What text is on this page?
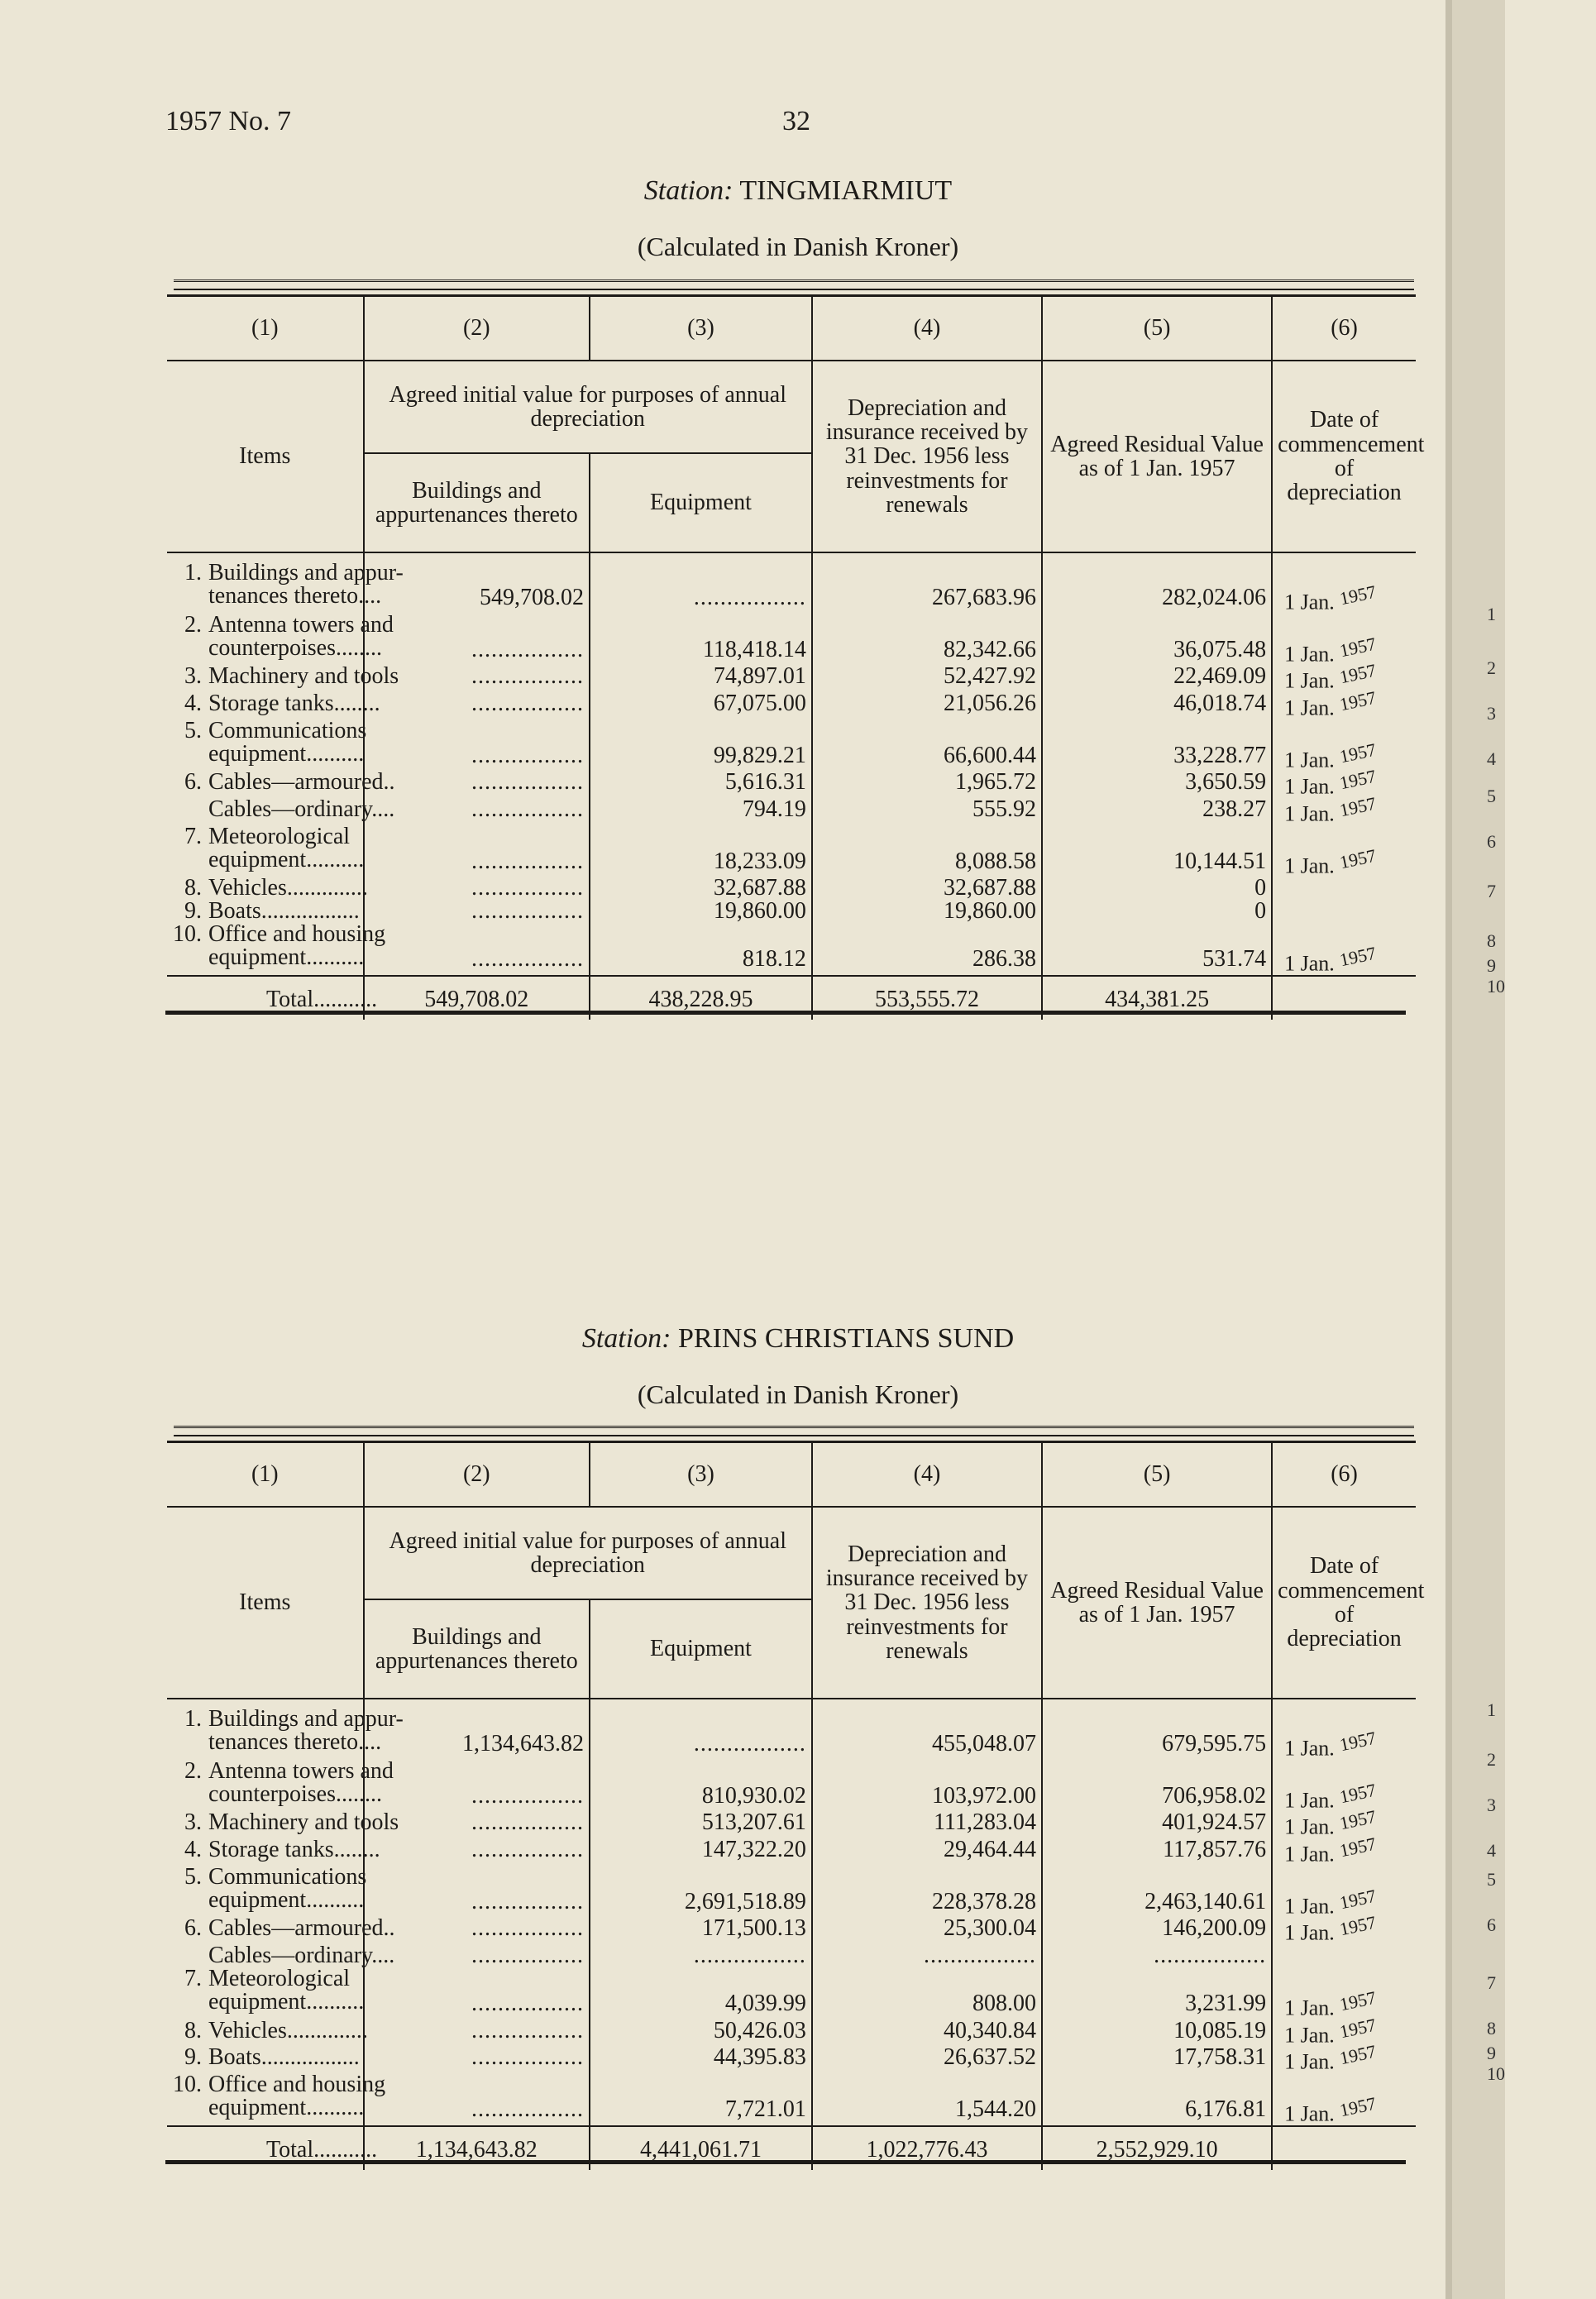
1957 No. 7	32
Station: TINGMIARMIUT
(Calculated in Danish Kroner)
(1)	(2)	(3)	(4)	(5)	(6)
Items	Agreed initial value for purposes of annual depreciation		Depreciation and insurance received by 31 Dec. 1956 less reinvestments for renewals	Agreed Residual Value as of 1 Jan. 1957	Date of commencement of depreciation
	Buildings and appurtenances thereto	Equipment			

1. Buildings and appur-
tenances thereto....	549,708.02	.................	267,683.96	282,024.06	1 Jan. $^{1957}$

2. Antenna towers and
counterpoises........	.................	118,418.14	82,342.66	36,075.48	1 Jan. $^{1957}$

3. Machinery and tools	.................	74,897.01	52,427.92	22,469.09	1 Jan. $^{1957}$

4. Storage tanks........	.................	67,075.00	21,056.26	46,018.74	1 Jan. $^{1957}$

5. Communications
equipment..........	.................	99,829.21	66,600.44	33,228.77	1 Jan. $^{1957}$

6. Cables—armoured..	.................	5,616.31	1,965.72	3,650.59	1 Jan. $^{1957}$

Cables—ordinary....	.................	794.19	555.92	238.27	1 Jan. $^{1957}$

7. Meteorological
equipment..........	.................	18,233.09	8,088.58	10,144.51	1 Jan. $^{1957}$

8. Vehicles..............	.................	32,687.88	32,687.88	0	

9. Boats.................	.................	19,860.00	19,860.00	0	

10. Office and housing
equipment..........	.................	818.12	286.38	531.74	1 Jan. $^{1957}$
Total...........	549,708.02	438,228.95	553,555.72	434,381.25	
Station: PRINS CHRISTIANS SUND
(Calculated in Danish Kroner)
(1)	(2)	(3)	(4)	(5)	(6)
Items	Agreed initial value for purposes of annual depreciation		Depreciation and insurance received by 31 Dec. 1956 less reinvestments for renewals	Agreed Residual Value as of 1 Jan. 1957	Date of commencement of depreciation
	Buildings and appurtenances thereto	Equipment			

1. Buildings and appur-
tenances thereto....	1,134,643.82	.................	455,048.07	679,595.75	1 Jan. $^{1957}$

2. Antenna towers and
counterpoises........	.................	810,930.02	103,972.00	706,958.02	1 Jan. $^{1957}$

3. Machinery and tools	.................	513,207.61	111,283.04	401,924.57	1 Jan. $^{1957}$

4. Storage tanks........	.................	147,322.20	29,464.44	117,857.76	1 Jan. $^{1957}$

5. Communications
equipment..........	.................	2,691,518.89	228,378.28	2,463,140.61	1 Jan. $^{1957}$

6. Cables—armoured..	.................	171,500.13	25,300.04	146,200.09	1 Jan. $^{1957}$

Cables—ordinary....	.................	.................	.................	.................	

7. Meteorological
equipment..........	.................	4,039.99	808.00	3,231.99	1 Jan. $^{1957}$

8. Vehicles..............	.................	50,426.03	40,340.84	10,085.19	1 Jan. $^{1957}$

9. Boats.................	.................	44,395.83	26,637.52	17,758.31	1 Jan. $^{1957}$

10. Office and housing
equipment..........	.................	7,721.01	1,544.20	6,176.81	1 Jan. $^{1957}$
Total...........	1,134,643.82	4,441,061.71	1,022,776.43	2,552,929.10	
1
2
3
4
5
6
7
8
9
10
1
2
3
4
5
6
7
8
9
10
